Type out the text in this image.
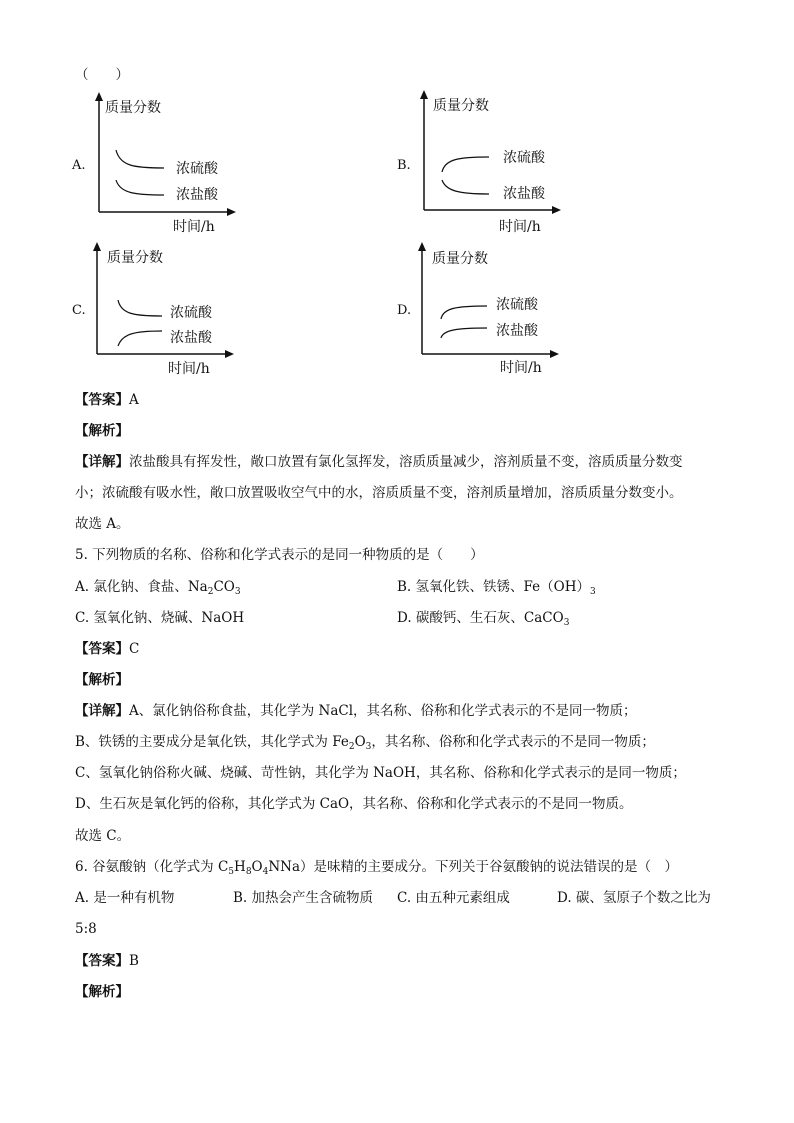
（　　）
A.
质量分数
时间/h
浓硫酸
浓盐酸
B.
质量分数
时间/h
浓硫酸
浓盐酸
C.
质量分数
时间/h
浓硫酸
浓盐酸
D.
质量分数
时间/h
浓硫酸
浓盐酸
【答案】A
【解析】
【详解】浓盐酸具有挥发性，敞口放置有氯化氢挥发，溶质质量减少，溶剂质量不变，溶质质量分数变
小；浓硫酸有吸水性，敞口放置吸收空气中的水，溶质质量不变，溶剂质量增加，溶质质量分数变小。
故选 A。
5. 下列物质的名称、俗称和化学式表示的是同一种物质的是（　　）
A. 氯化钠、食盐、$Na_2CO_3$	B. 氢氧化铁、铁锈、$Fe(OH)_3$
C. 氢氧化钠、烧碱、NaOH	D. 碳酸钙、生石灰、CaCO$_3$
【答案】C
【解析】
【详解】A、氯化钠俗称食盐，其化学为 NaCl，其名称、俗称和化学式表示的不是同一物质；
B、铁锈的主要成分是氧化铁，其化学式为 $Fe_2O_3$，其名称、俗称和化学式表示的不是同一物质；
C、氢氧化钠俗称火碱、烧碱、苛性钠，其化学为 NaOH，其名称、俗称和化学式表示的是同一物质；
D、生石灰是氧化钙的俗称，其化学式为 CaO，其名称、俗称和化学式表示的不是同一物质。
故选 C。
6. 谷氨酸钠（化学式为 $C_5H_8O_4NNa$）是味精的主要成分。下列关于谷氨酸钠的说法错误的是（　）
A. 是一种有机物	B. 加热会产生含硫物质 C. 由五种元素组成	D. 碳、氢原子个数之比为
5:8
【答案】B
【解析】
